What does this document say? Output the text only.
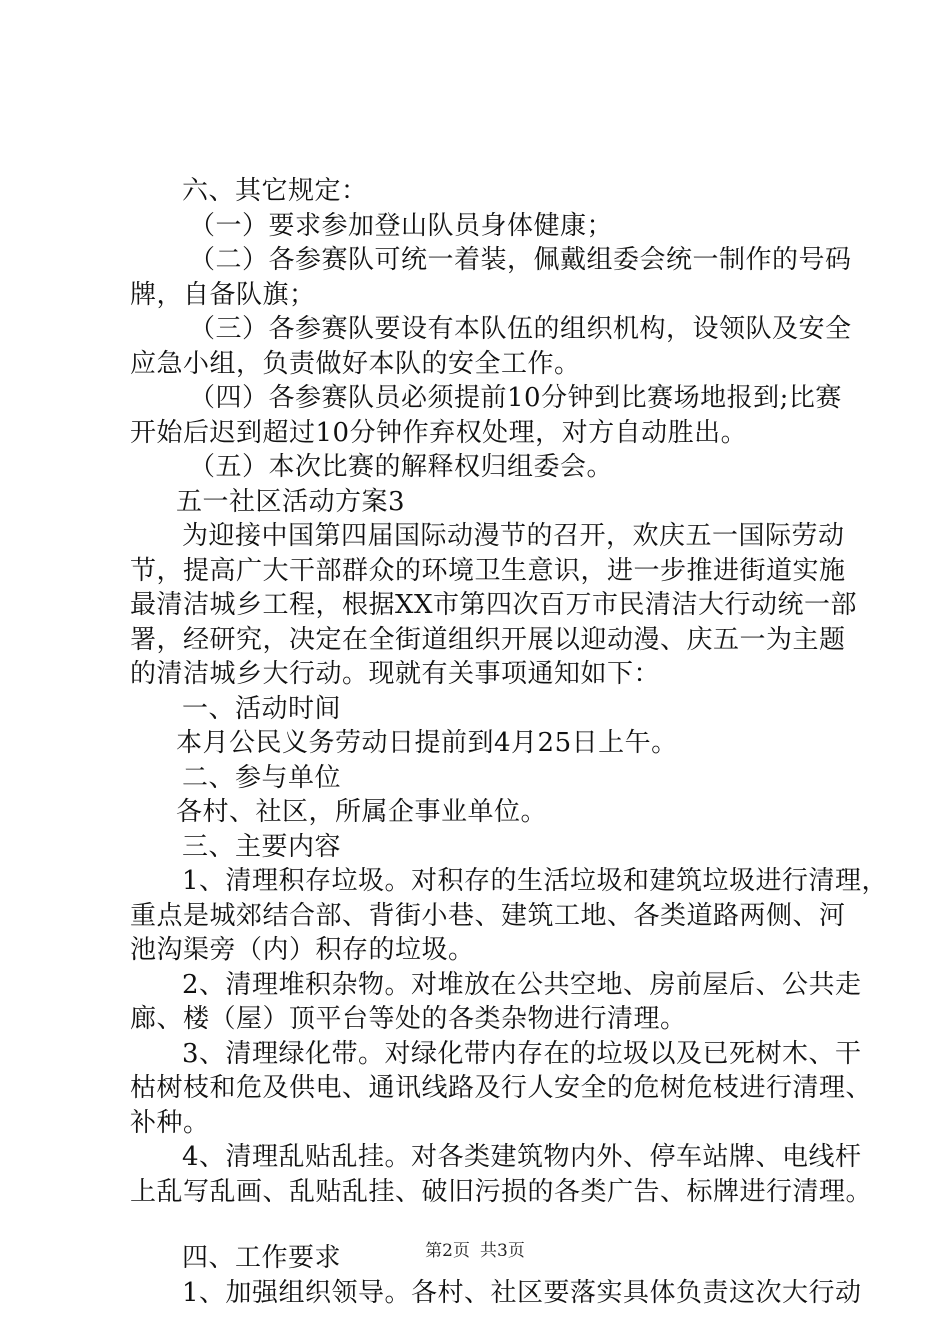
六、其它规定：
（一）要求参加登山队员身体健康；
（二）各参赛队可统一着装，佩戴组委会统一制作的号码
牌，自备队旗；
（三）各参赛队要设有本队伍的组织机构，设领队及安全
应急小组，负责做好本队的安全工作。
（四）各参赛队员必须提前10分钟到比赛场地报到;比赛
开始后迟到超过10分钟作弃权处理，对方自动胜出。
（五）本次比赛的解释权归组委会。
五一社区活动方案3
为迎接中国第四届国际动漫节的召开，欢庆五一国际劳动
节，提高广大干部群众的环境卫生意识，进一步推进街道实施
最清洁城乡工程，根据XX市第四次百万市民清洁大行动统一部
署，经研究，决定在全街道组织开展以迎动漫、庆五一为主题
的清洁城乡大行动。现就有关事项通知如下：
一、活动时间
本月公民义务劳动日提前到4月25日上午。
二、参与单位
各村、社区，所属企事业单位。
三、主要内容
1、清理积存垃圾。对积存的生活垃圾和建筑垃圾进行清理，
重点是城郊结合部、背街小巷、建筑工地、各类道路两侧、河
池沟渠旁（内）积存的垃圾。
2、清理堆积杂物。对堆放在公共空地、房前屋后、公共走
廊、楼（屋）顶平台等处的各类杂物进行清理。
3、清理绿化带。对绿化带内存在的垃圾以及已死树木、干
枯树枝和危及供电、通讯线路及行人安全的危树危枝进行清理、
补种。
4、清理乱贴乱挂。对各类建筑物内外、停车站牌、电线杆
上乱写乱画、乱贴乱挂、破旧污损的各类广告、标牌进行清理。
四、工作要求
1、加强组织领导。各村、社区要落实具体负责这次大行动
第2页 共3页
